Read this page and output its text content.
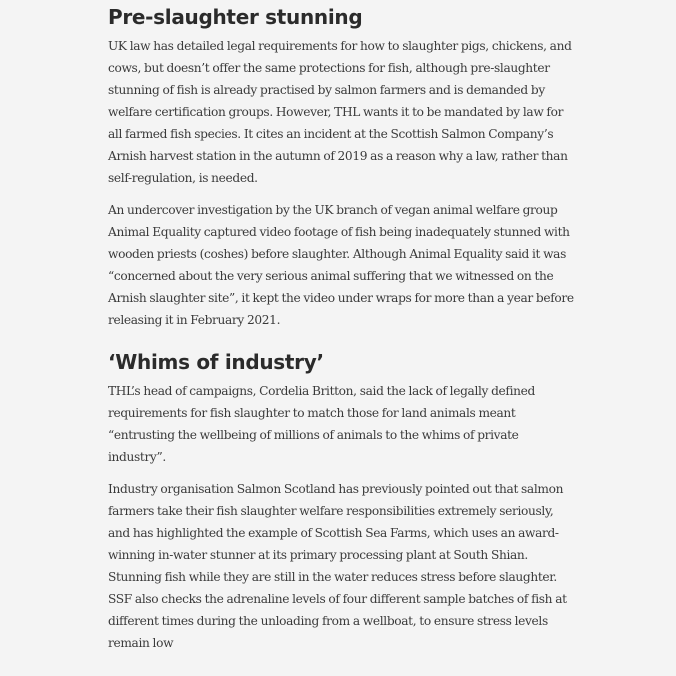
Pre-slaughter stunning

UK law has detailed legal requirements for how to slaughter pigs, chickens, and
cows, but doesn’t offer the same protections for fish, although pre-slaughter
stunning of fish is already practised by salmon farmers and is demanded by
welfare certification groups. However, THL wants it to be mandated by law for
all farmed fish species. It cites an incident at the Scottish Salmon Company’s
Arnish harvest station in the autumn of 2019 as a reason why a law, rather than
self-regulation, is needed.

An undercover investigation by the UK branch of vegan animal welfare group
Animal Equality captured video footage of fish being inadequately stunned with
wooden priests (coshes) before slaughter. Although Animal Equality said it was
“concerned about the very serious animal suffering that we witnessed on the
Arnish slaughter site”, it kept the video under wraps for more than a year before
releasing it in February 2021.

‘Whims of industry’

THL’s head of campaigns, Cordelia Britton, said the lack of legally defined
requirements for fish slaughter to match those for land animals meant
“entrusting the wellbeing of millions of animals to the whims of private
industry”.

Industry organisation Salmon Scotland has previously pointed out that salmon
farmers take their fish slaughter welfare responsibilities extremely seriously,
and has highlighted the example of Scottish Sea Farms, which uses an award-
winning in-water stunner at its primary processing plant at South Shian.
Stunning fish while they are still in the water reduces stress before slaughter.
SSF also checks the adrenaline levels of four different sample batches of fish at
different times during the unloading from a wellboat, to ensure stress levels
remain low
